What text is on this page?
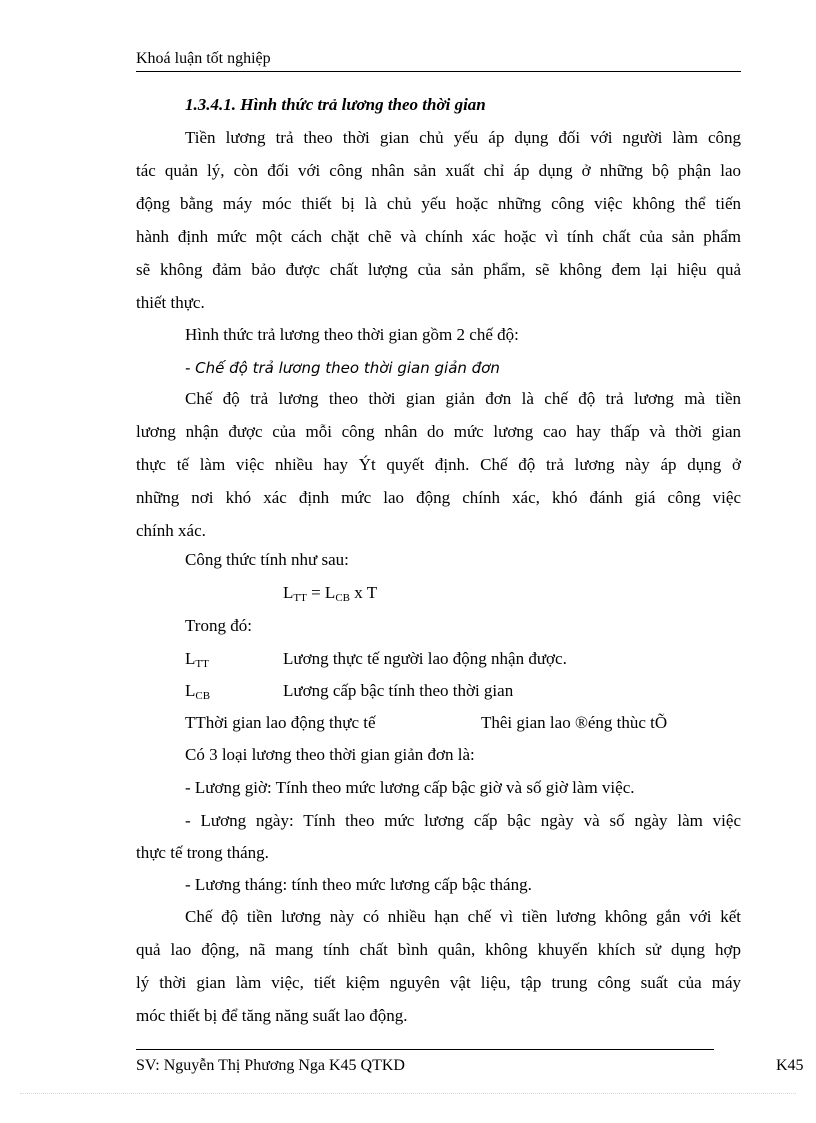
Khoá luận tốt nghiệp
1.3.4.1. Hình thức trả lương theo thời gian
Tiền lương trả theo thời gian chủ yếu áp dụng đối với người làm công
tác quản lý, còn đối với công nhân sản xuất chỉ áp dụng ở những bộ phận lao
động bằng máy móc thiết bị là chủ yếu hoặc những công việc không thể tiến
hành định mức một cách chặt chẽ và chính xác hoặc vì tính chất của sản phẩm
sẽ không đảm bảo được chất lượng của sản phẩm, sẽ không đem lại hiệu quả
thiết thực.
Hình thức trả lương theo thời gian gồm 2 chế độ:
- Chế độ trả lương theo thời gian giản đơn
Chế độ trả lương theo thời gian giản đơn là chế độ trả lương mà tiền
lương nhận được của mỗi công nhân do mức lương cao hay thấp và thời gian
thực tế làm việc nhiều hay Ýt quyết định. Chế độ trả lương này áp dụng ở
những nơi khó xác định mức lao động chính xác, khó đánh giá công việc
chính xác.
Công thức tính như sau:
$L_{TT} = L_{CB}$ x T
Trong đó:
$L_{TT}$	Lương thực tế người lao động nhận được.
$L_{CB}$	Lương cấp bậc tính theo thời gian
TThời gian lao động thực tế	Thêi gian lao ®éng thùc tÕ
Có 3 loại lương theo thời gian giản đơn là:
- Lương giờ: Tính theo mức lương cấp bậc giờ và số giờ làm việc.
- Lương ngày: Tính theo mức lương cấp bậc ngày và số ngày làm việc
thực tế trong tháng.
- Lương tháng: tính theo mức lương cấp bậc tháng.
Chế độ tiền lương này có nhiều hạn chế vì tiền lương không gắn với kết
quả lao động, nã mang tính chất bình quân, không khuyến khích sử dụng hợp
lý thời gian làm việc, tiết kiệm nguyên vật liệu, tập trung công suất của máy
móc thiết bị để tăng năng suất lao động.
SV: Nguyễn Thị Phương Nga K45 QTKD	K45
